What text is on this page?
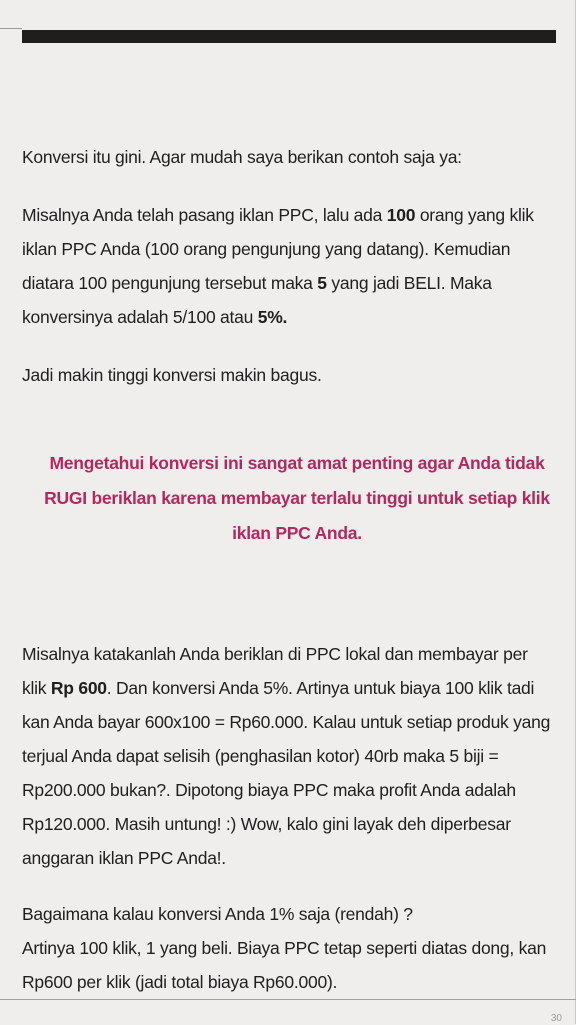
Konversi itu gini. Agar mudah saya berikan contoh saja ya:

Misalnya Anda telah pasang iklan PPC, lalu ada 100 orang yang klik iklan PPC Anda (100 orang pengunjung yang datang). Kemudian diatara 100 pengunjung tersebut maka 5 yang jadi BELI. Maka konversinya adalah 5/100 atau 5%.

Jadi makin tinggi konversi makin bagus.

Mengetahui konversi ini sangat amat penting agar Anda tidak RUGI beriklan karena membayar terlalu tinggi untuk setiap klik iklan PPC Anda.

Misalnya katakanlah Anda beriklan di PPC lokal dan membayar per klik Rp 600. Dan konversi Anda 5%. Artinya untuk biaya 100 klik tadi kan Anda bayar 600x100 = Rp60.000. Kalau untuk setiap produk yang terjual Anda dapat selisih (penghasilan kotor) 40rb maka 5 biji = Rp200.000 bukan?. Dipotong biaya PPC maka profit Anda adalah Rp120.000. Masih untung! :) Wow, kalo gini layak deh diperbesar anggaran iklan PPC Anda!.

Bagaimana kalau konversi Anda 1% saja (rendah) ?
Artinya 100 klik, 1 yang beli. Biaya PPC tetap seperti diatas dong, kan Rp600 per klik (jadi total biaya Rp60.000).

30
